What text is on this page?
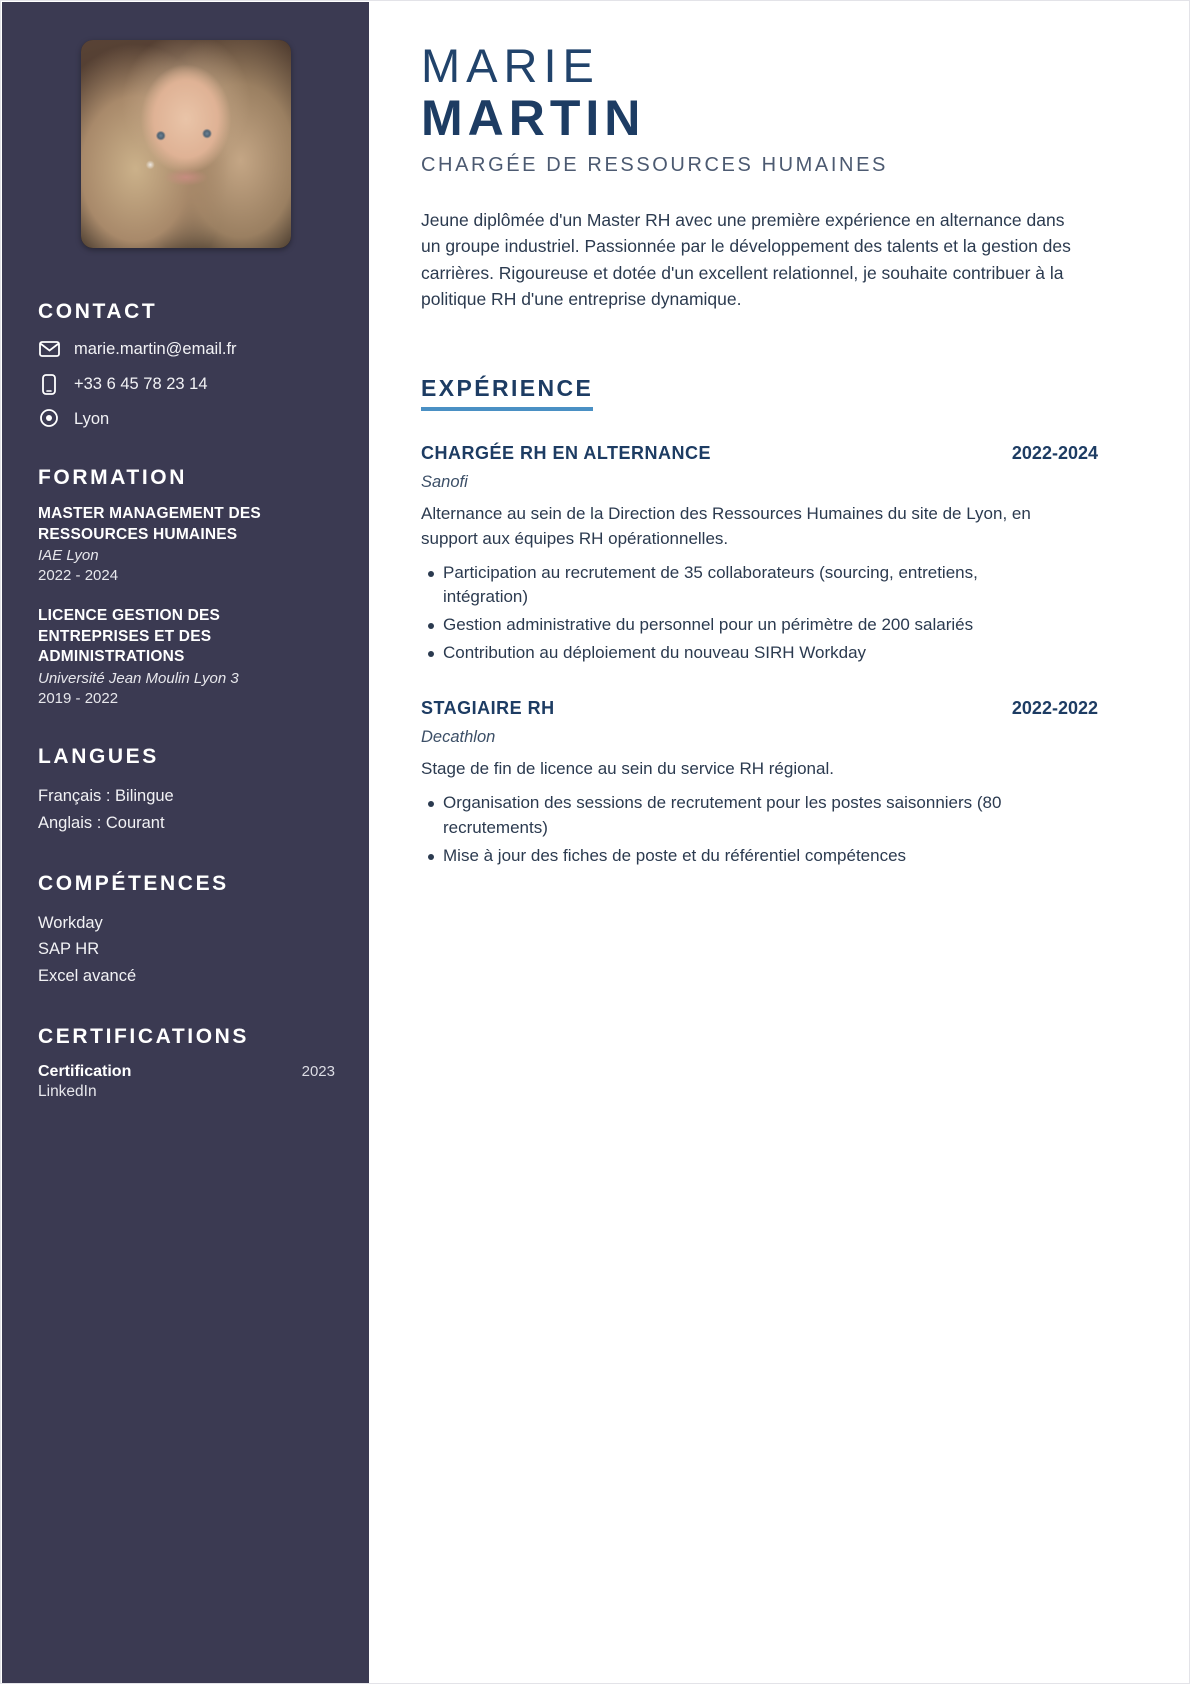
CONTACT
marie.martin@email.fr
+33 6 45 78 23 14
Lyon
FORMATION
MASTER MANAGEMENT DES RESSOURCES HUMAINES
IAE Lyon
2022 - 2024
LICENCE GESTION DES ENTREPRISES ET DES ADMINISTRATIONS
Université Jean Moulin Lyon 3
2019 - 2022
LANGUES
Français : Bilingue
Anglais : Courant
COMPÉTENCES
Workday
SAP HR
Excel avancé
CERTIFICATIONS
Certification	2023
LinkedIn
MARIE
MARTIN
CHARGÉE DE RESSOURCES HUMAINES

Jeune diplômée d'un Master RH avec une première expérience en alternance dans un groupe industriel. Passionnée par le développement des talents et la gestion des carrières. Rigoureuse et dotée d'un excellent relationnel, je souhaite contribuer à la politique RH d'une entreprise dynamique.

EXPÉRIENCE
CHARGÉE RH EN ALTERNANCE	2022-2024
Sanofi
Alternance au sein de la Direction des Ressources Humaines du site de Lyon, en support aux équipes RH opérationnelles.
Participation au recrutement de 35 collaborateurs (sourcing, entretiens, intégration)
Gestion administrative du personnel pour un périmètre de 200 salariés
Contribution au déploiement du nouveau SIRH Workday
STAGIAIRE RH	2022-2022
Decathlon
Stage de fin de licence au sein du service RH régional.
Organisation des sessions de recrutement pour les postes saisonniers (80 recrutements)
Mise à jour des fiches de poste et du référentiel compétences
